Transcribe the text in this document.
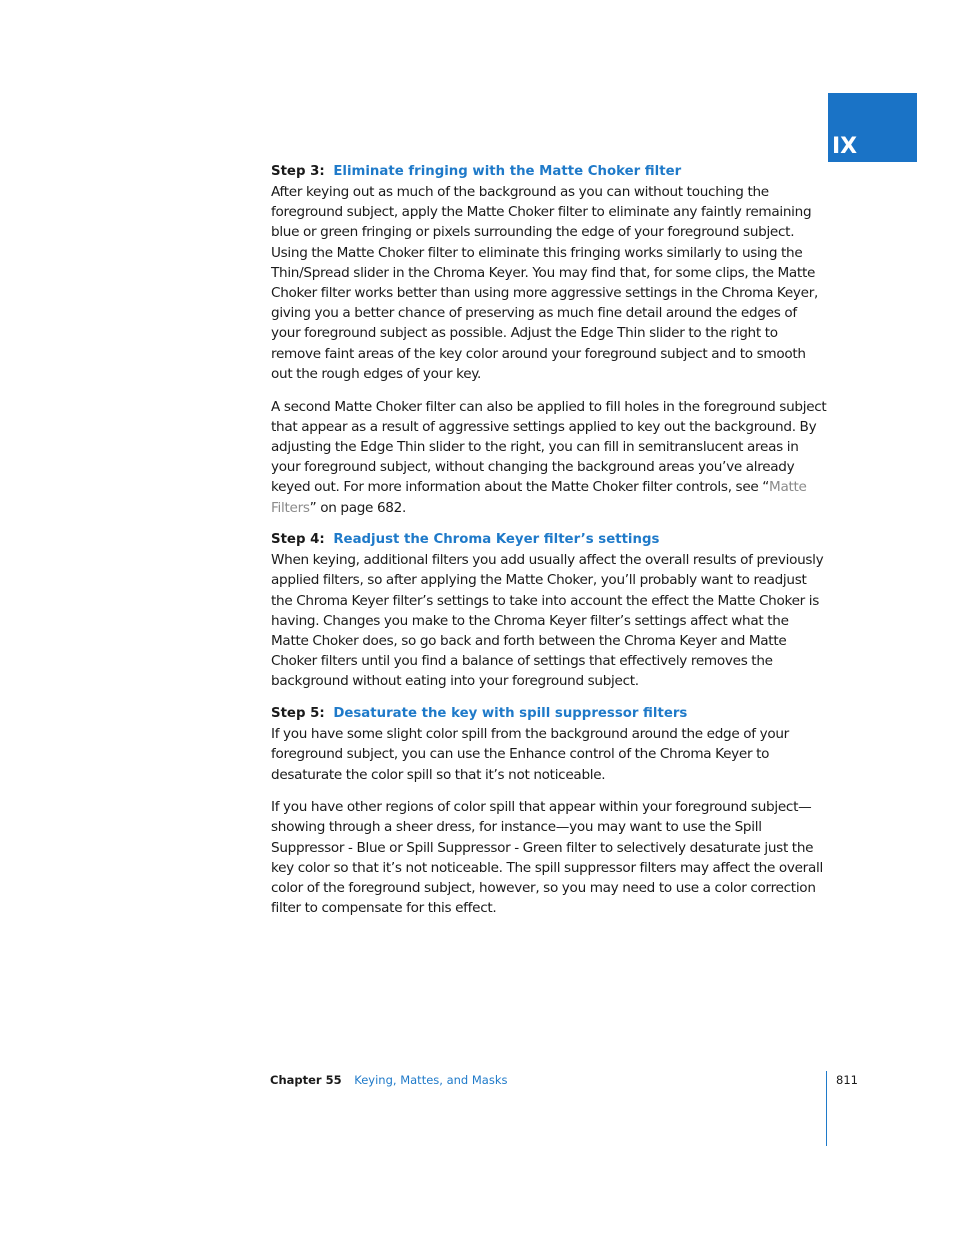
IX
Step 3: Eliminate fringing with the Matte Choker filter

After keying out as much of the background as you can without touching the foreground subject, apply the Matte Choker filter to eliminate any faintly remaining blue or green fringing or pixels surrounding the edge of your foreground subject. Using the Matte Choker filter to eliminate this fringing works similarly to using the Thin/Spread slider in the Chroma Keyer. You may find that, for some clips, the Matte Choker filter works better than using more aggressive settings in the Chroma Keyer, giving you a better chance of preserving as much fine detail around the edges of your foreground subject as possible. Adjust the Edge Thin slider to the right to remove faint areas of the key color around your foreground subject and to smooth out the rough edges of your key.

A second Matte Choker filter can also be applied to fill holes in the foreground subject that appear as a result of aggressive settings applied to key out the background. By adjusting the Edge Thin slider to the right, you can fill in semitranslucent areas in your foreground subject, without changing the background areas you’ve already keyed out. For more information about the Matte Choker filter controls, see “Matte Filters” on page 682.

Step 4: Readjust the Chroma Keyer filter’s settings

When keying, additional filters you add usually affect the overall results of previously applied filters, so after applying the Matte Choker, you’ll probably want to readjust the Chroma Keyer filter’s settings to take into account the effect the Matte Choker is having. Changes you make to the Chroma Keyer filter’s settings affect what the Matte Choker does, so go back and forth between the Chroma Keyer and Matte Choker filters until you find a balance of settings that effectively removes the background without eating into your foreground subject.

Step 5: Desaturate the key with spill suppressor filters

If you have some slight color spill from the background around the edge of your foreground subject, you can use the Enhance control of the Chroma Keyer to desaturate the color spill so that it’s not noticeable.

If you have other regions of color spill that appear within your foreground subject—showing through a sheer dress, for instance—you may want to use the Spill Suppressor - Blue or Spill Suppressor - Green filter to selectively desaturate just the key color so that it’s not noticeable. The spill suppressor filters may affect the overall color of the foreground subject, however, so you may need to use a color correction filter to compensate for this effect.

Chapter 55 Keying, Mattes, and Masks	811
